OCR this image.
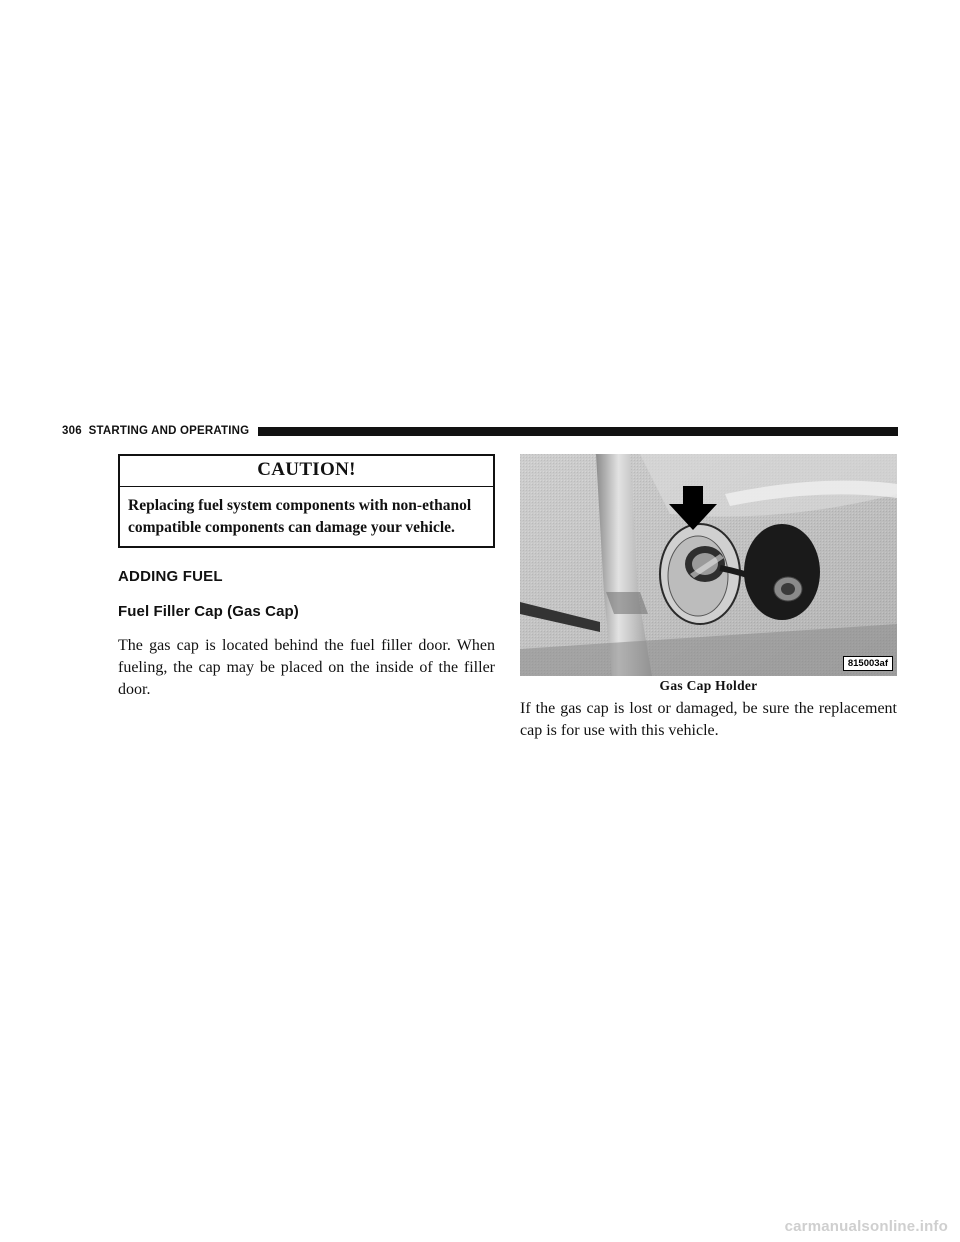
306 STARTING AND OPERATING
CAUTION!
Replacing fuel system components with non-ethanol compatible components can damage your vehicle.
ADDING FUEL
Fuel Filler Cap (Gas Cap)

The gas cap is located behind the fuel filler door. When fueling, the cap may be placed on the inside of the filler door.

815003af
Gas Cap Holder

If the gas cap is lost or damaged, be sure the replacement cap is for use with this vehicle.

carmanualsonline.info
